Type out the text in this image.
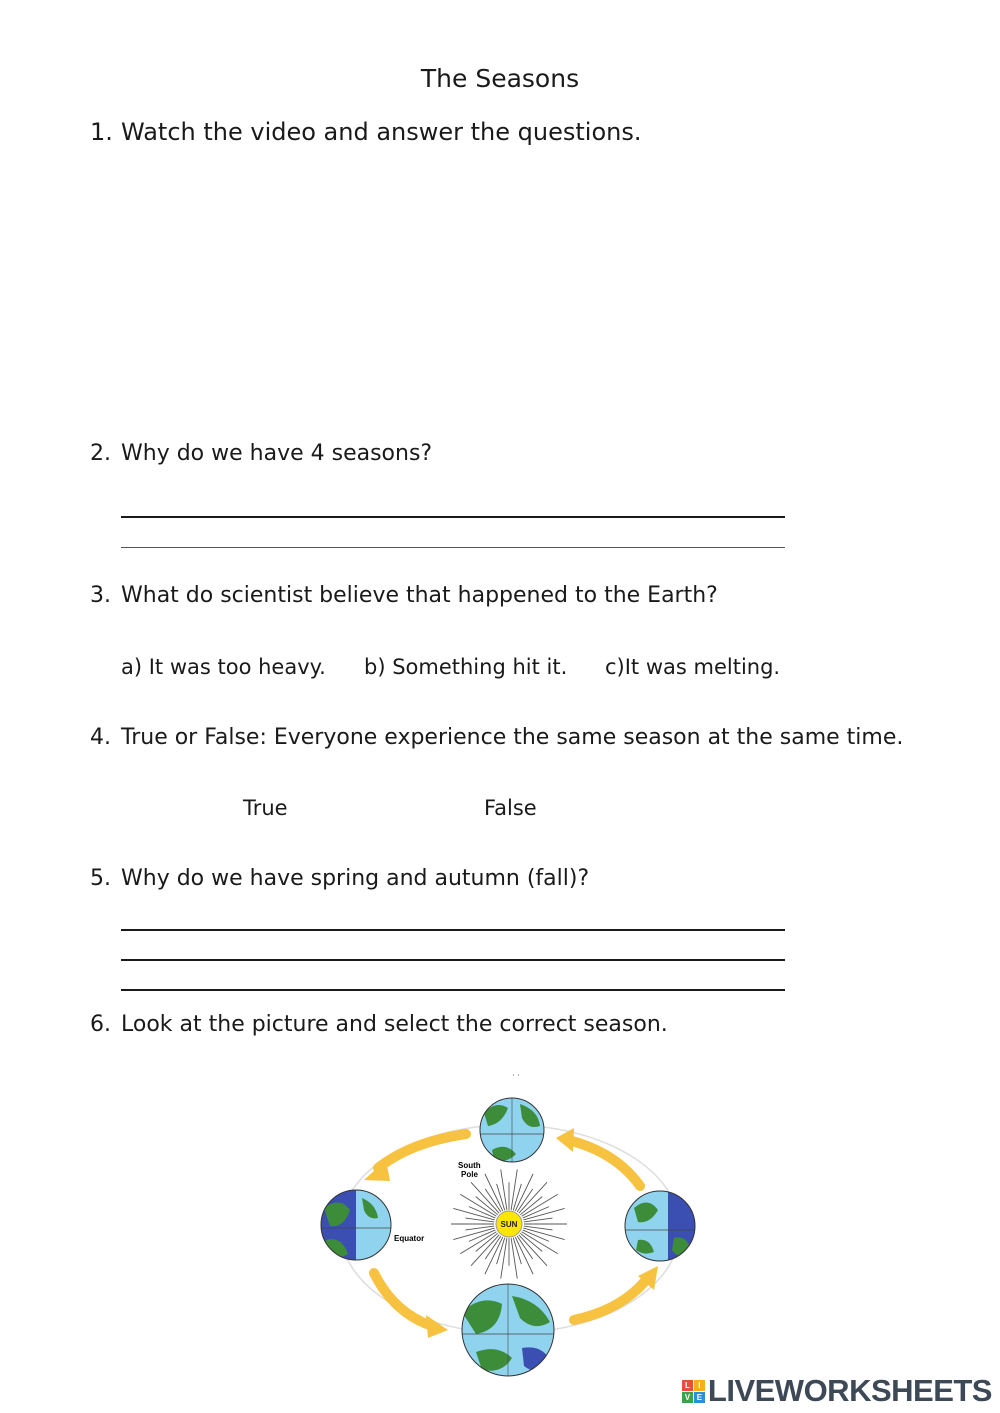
The Seasons
1. Watch the video and answer the questions.
2. Why do we have 4 seasons?
3. What do scientist believe that happened to the Earth?
a) It was too heavy. b) Something hit it. c)It was melting.
4. True or False: Everyone experience the same season at the same time.
True	False
5. Why do we have spring and autumn (fall)?
6. Look at the picture and select the correct season.
SUN
South
Pole
Equator
· ·
L	I
V E LIVEWORKSHEETS
